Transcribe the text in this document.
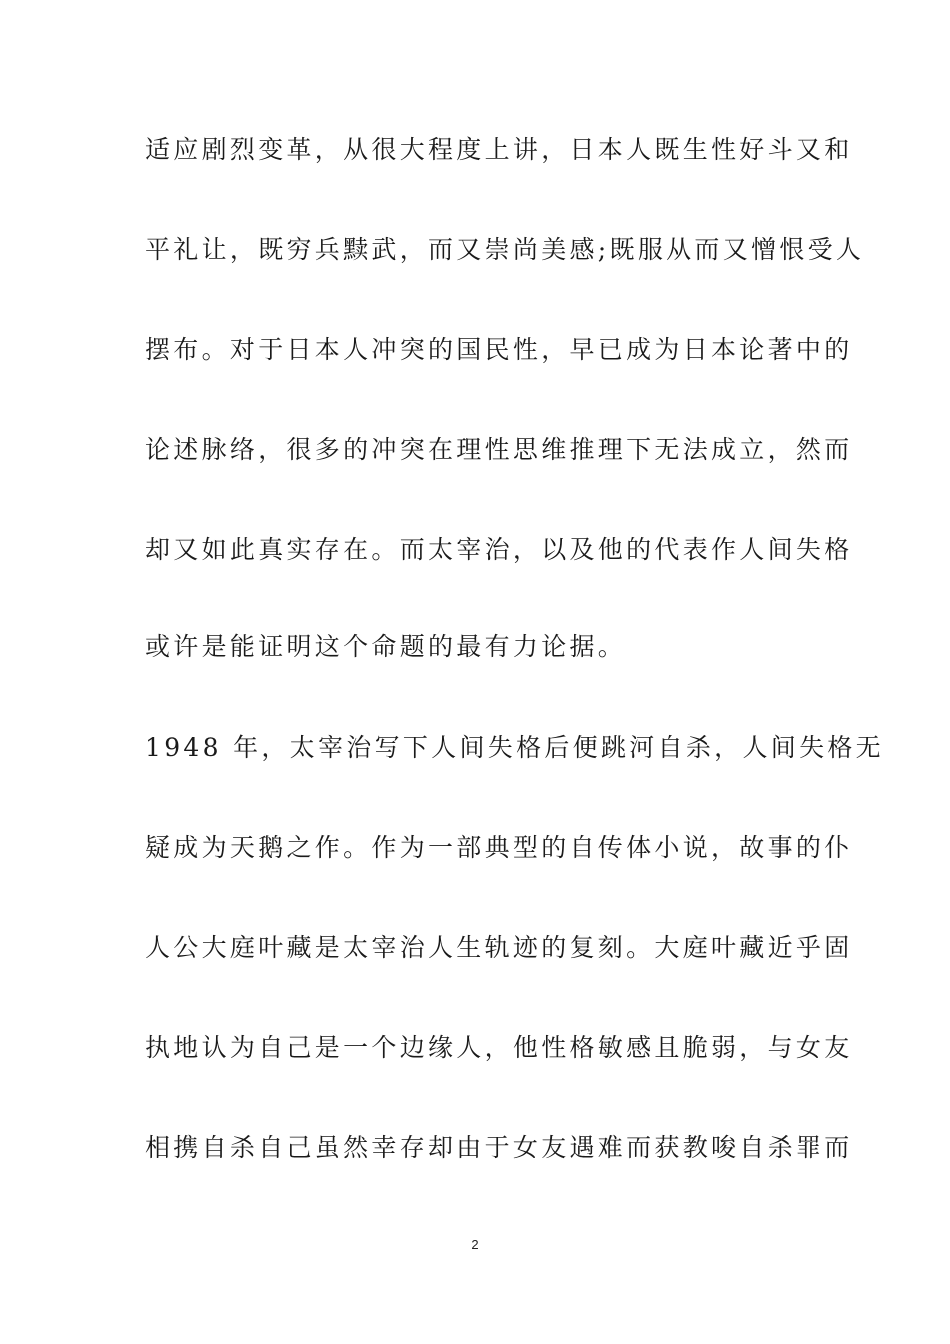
适应剧烈变革，从很大程度上讲，日本人既生性好斗又和
平礼让，既穷兵黩武，而又崇尚美感;既服从而又憎恨受人
摆布。对于日本人冲突的国民性，早已成为日本论著中的
论述脉络，很多的冲突在理性思维推理下无法成立，然而
却又如此真实存在。而太宰治，以及他的代表作人间失格
或许是能证明这个命题的最有力论据。
1948 年，太宰治写下人间失格后便跳河自杀，人间失格无
疑成为天鹅之作。作为一部典型的自传体小说，故事的仆
人公大庭叶藏是太宰治人生轨迹的复刻。大庭叶藏近乎固
执地认为自己是一个边缘人，他性格敏感且脆弱，与女友
相携自杀自己虽然幸存却由于女友遇难而获教唆自杀罪而
2
